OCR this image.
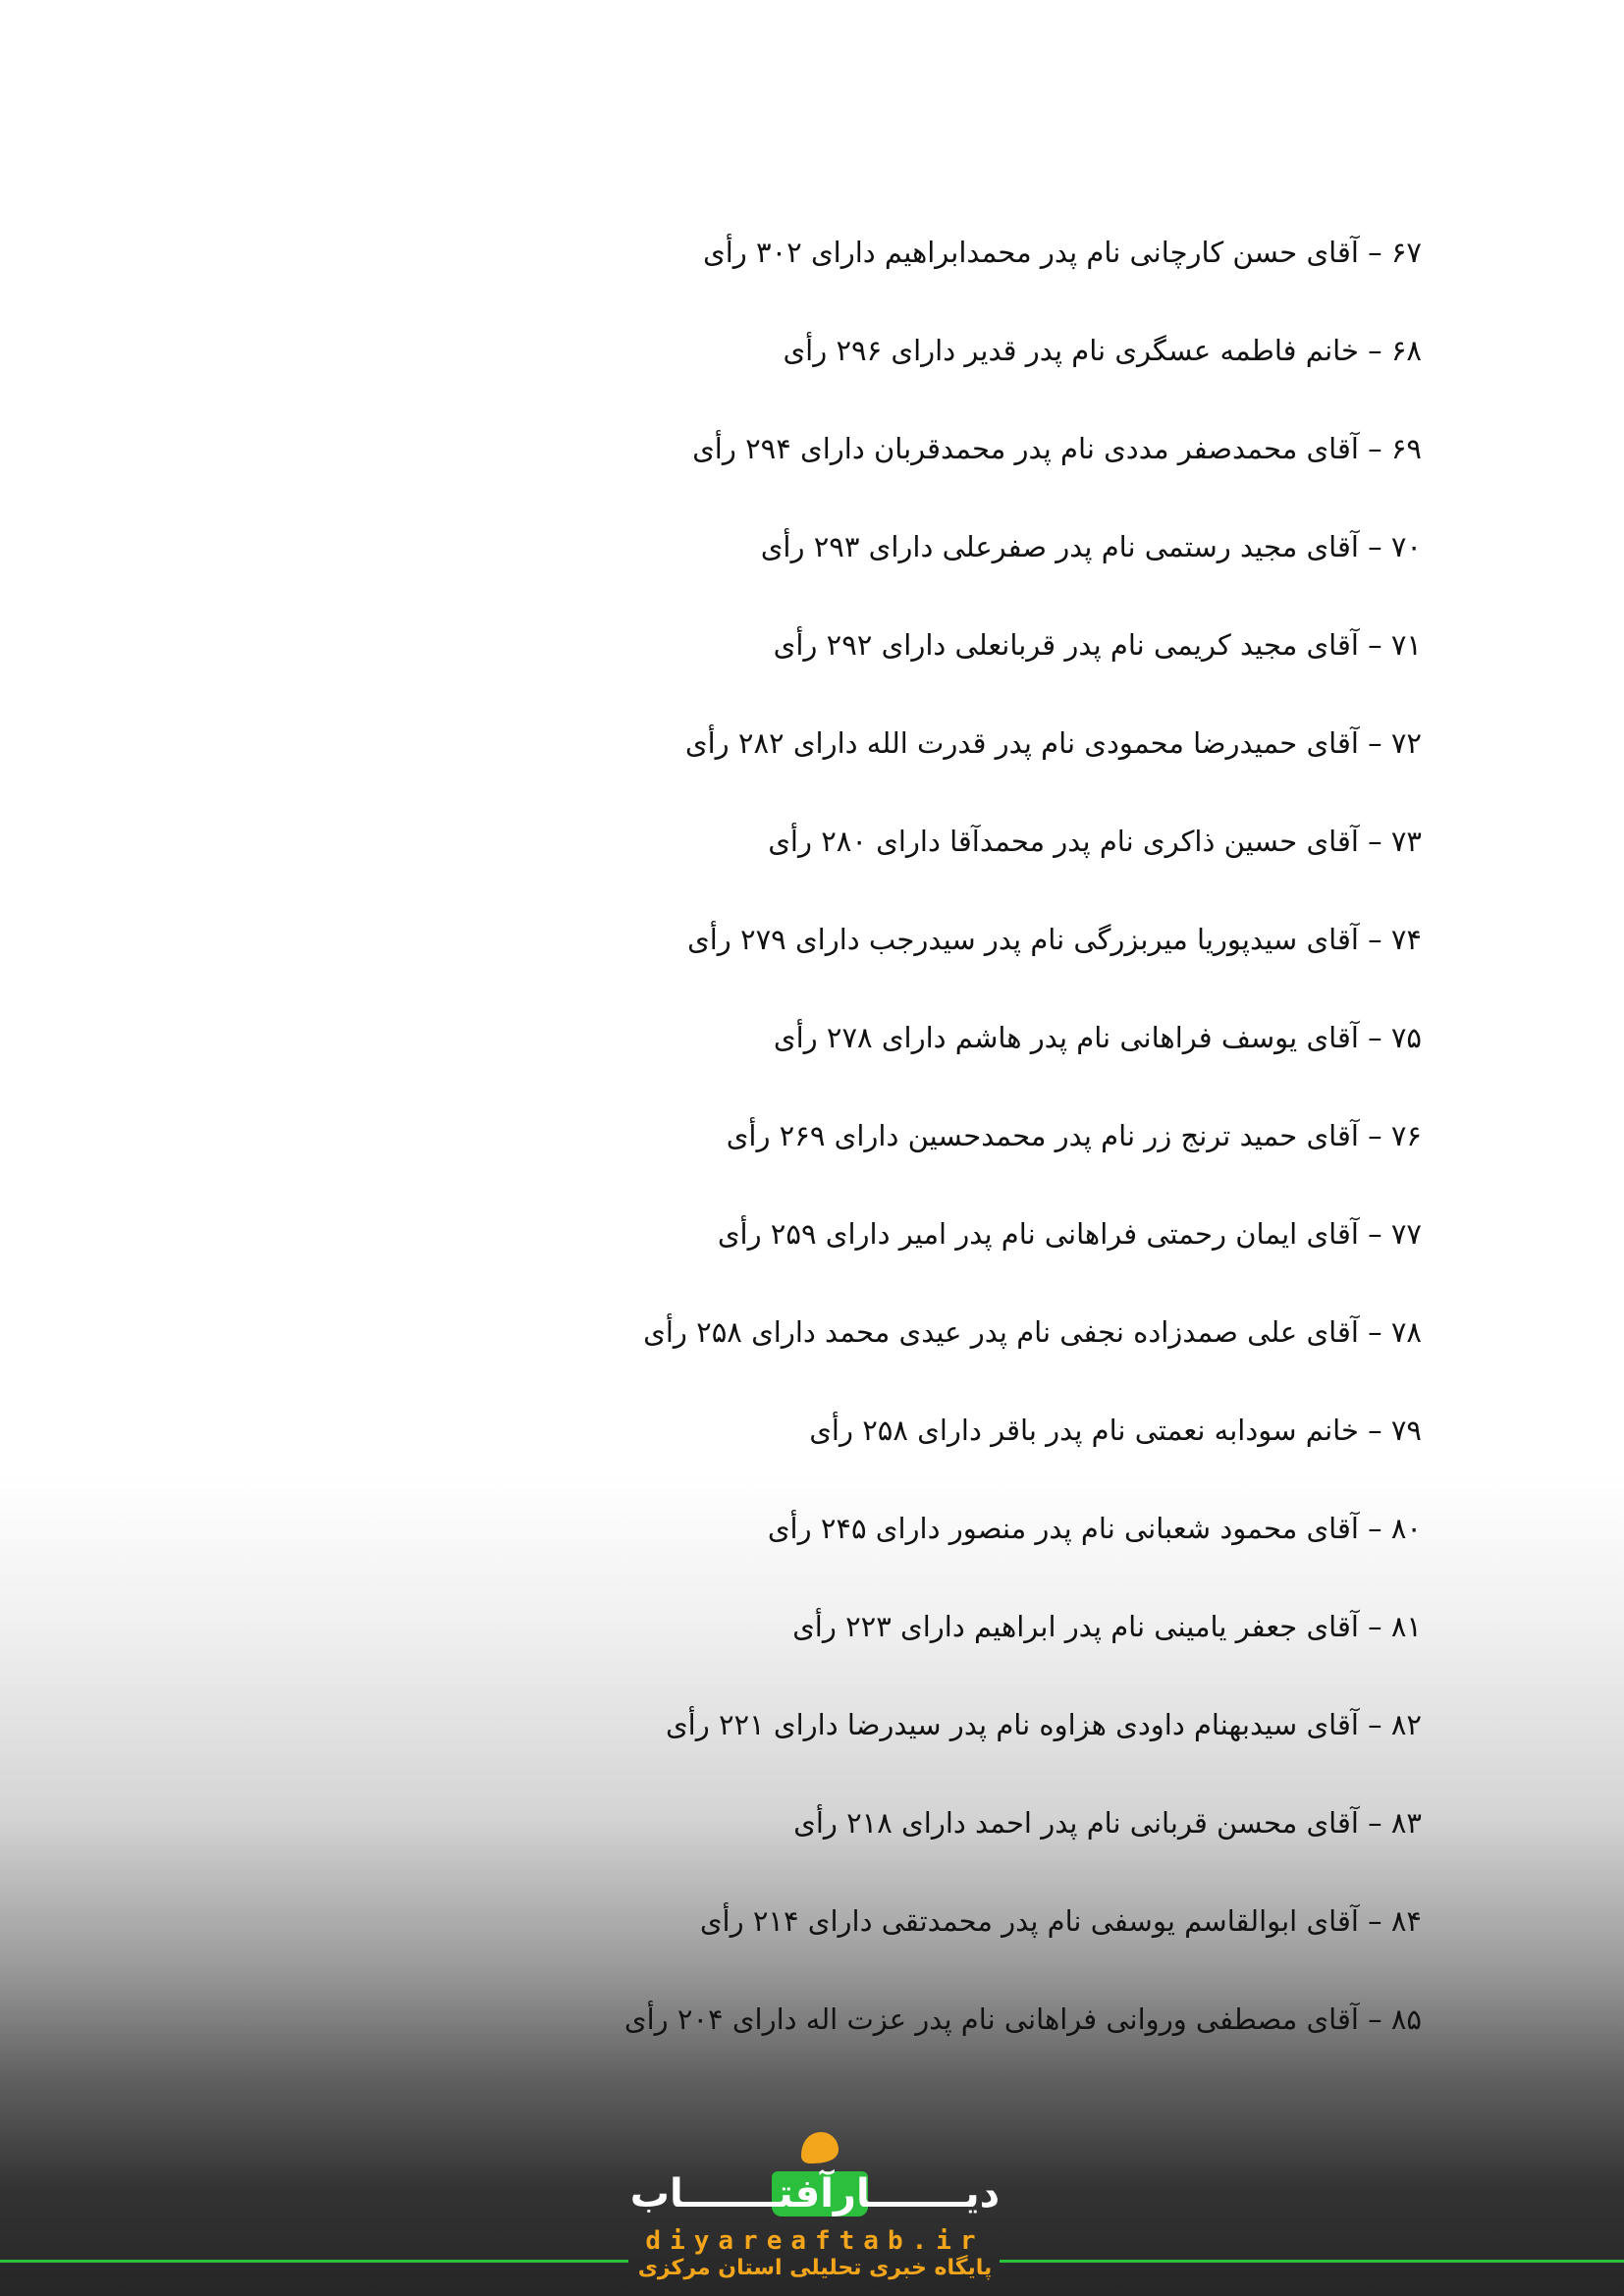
۶۷ – آقای حسن کارچانی نام پدر محمدابراهیم دارای ۳۰۲ رأی
۶۸ – خانم فاطمه عسگری نام پدر قدیر دارای ۲۹۶ رأی
۶۹ – آقای محمدصفر مددی نام پدر محمدقربان دارای ۲۹۴ رأی
۷۰ – آقای مجید رستمی نام پدر صفرعلی دارای ۲۹۳ رأی
۷۱ – آقای مجید کریمی نام پدر قربانعلی دارای ۲۹۲ رأی
۷۲ – آقای حمیدرضا محمودی نام پدر قدرت الله دارای ۲۸۲ رأی
۷۳ – آقای حسین ذاکری نام پدر محمدآقا دارای ۲۸۰ رأی
۷۴ – آقای سیدپوریا میربزرگی نام پدر سیدرجب دارای ۲۷۹ رأی
۷۵ – آقای یوسف فراهانی نام پدر هاشم دارای ۲۷۸ رأی
۷۶ – آقای حمید ترنج زر نام پدر محمدحسین دارای ۲۶۹ رأی
۷۷ – آقای ایمان رحمتی فراهانی نام پدر امیر دارای ۲۵۹ رأی
۷۸ – آقای علی صمدزاده نجفی نام پدر عیدی محمد دارای ۲۵۸ رأی
۷۹ – خانم سودابه نعمتی نام پدر باقر دارای ۲۵۸ رأی
۸۰ – آقای محمود شعبانی نام پدر منصور دارای ۲۴۵ رأی
۸۱ – آقای جعفر یامینی نام پدر ابراهیم دارای ۲۲۳ رأی
۸۲ – آقای سیدبهنام داودی هزاوه نام پدر سیدرضا دارای ۲۲۱ رأی
۸۳ – آقای محسن قربانی نام پدر احمد دارای ۲۱۸ رأی
۸۴ – آقای ابوالقاسم یوسفی نام پدر محمدتقی دارای ۲۱۴ رأی
۸۵ – آقای مصطفی وروانی فراهانی نام پدر عزت اله دارای ۲۰۴ رأی
دیـــــــارآفتـــــــاب
diyareaftab.ir
پایگاه خبری تحلیلی استان مرکزی
